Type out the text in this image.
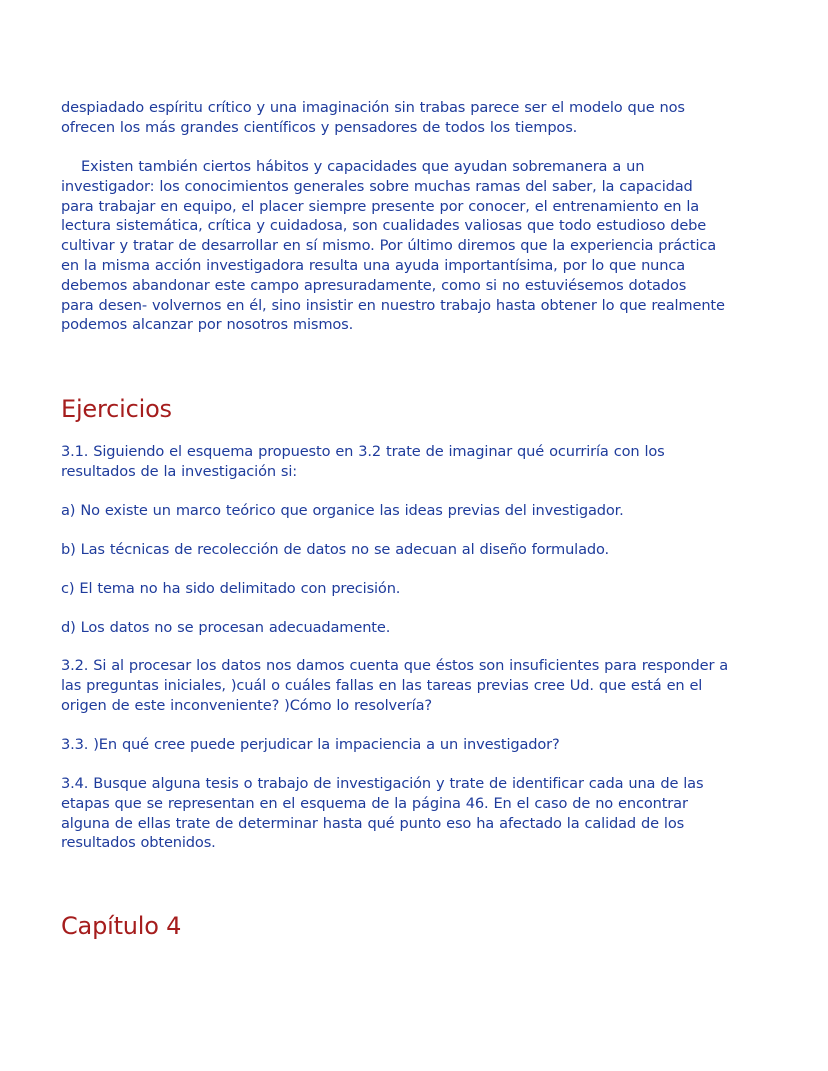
despiadado espíritu crítico y una imaginación sin trabas parece ser el modelo que nos
ofrecen los más grandes científicos y pensadores de todos los tiempos.

Existen también ciertos hábitos y capacidades que ayudan sobremanera a un
investigador: los conocimientos generales sobre muchas ramas del saber, la capacidad
para trabajar en equipo, el placer siempre presente por conocer, el entrenamiento en la
lectura sistemática, crítica y cuidadosa, son cualidades valiosas que todo estudioso debe
cultivar y tratar de desarrollar en sí mismo. Por último diremos que la experiencia práctica
en la misma acción investigadora resulta una ayuda importantísima, por lo que nunca
debemos abandonar este campo apresuradamente, como si no estuviésemos dotados
para desen- volvernos en él, sino insistir en nuestro trabajo hasta obtener lo que realmente
podemos alcanzar por nosotros mismos.

Ejercicios

3.1. Siguiendo el esquema propuesto en 3.2 trate de imaginar qué ocurriría con los
resultados de la investigación si:

a) No existe un marco teórico que organice las ideas previas del investigador.

b) Las técnicas de recolección de datos no se adecuan al diseño formulado.

c) El tema no ha sido delimitado con precisión.

d) Los datos no se procesan adecuadamente.

3.2. Si al procesar los datos nos damos cuenta que éstos son insuficientes para responder a
las preguntas iniciales, )cuál o cuáles fallas en las tareas previas cree Ud. que está en el
origen de este inconveniente? )Cómo lo resolvería?

3.3. )En qué cree puede perjudicar la impaciencia a un investigador?

3.4. Busque alguna tesis o trabajo de investigación y trate de identificar cada una de las
etapas que se representan en el esquema de la página 46. En el caso de no encontrar
alguna de ellas trate de determinar hasta qué punto eso ha afectado la calidad de los
resultados obtenidos.

Capítulo 4
